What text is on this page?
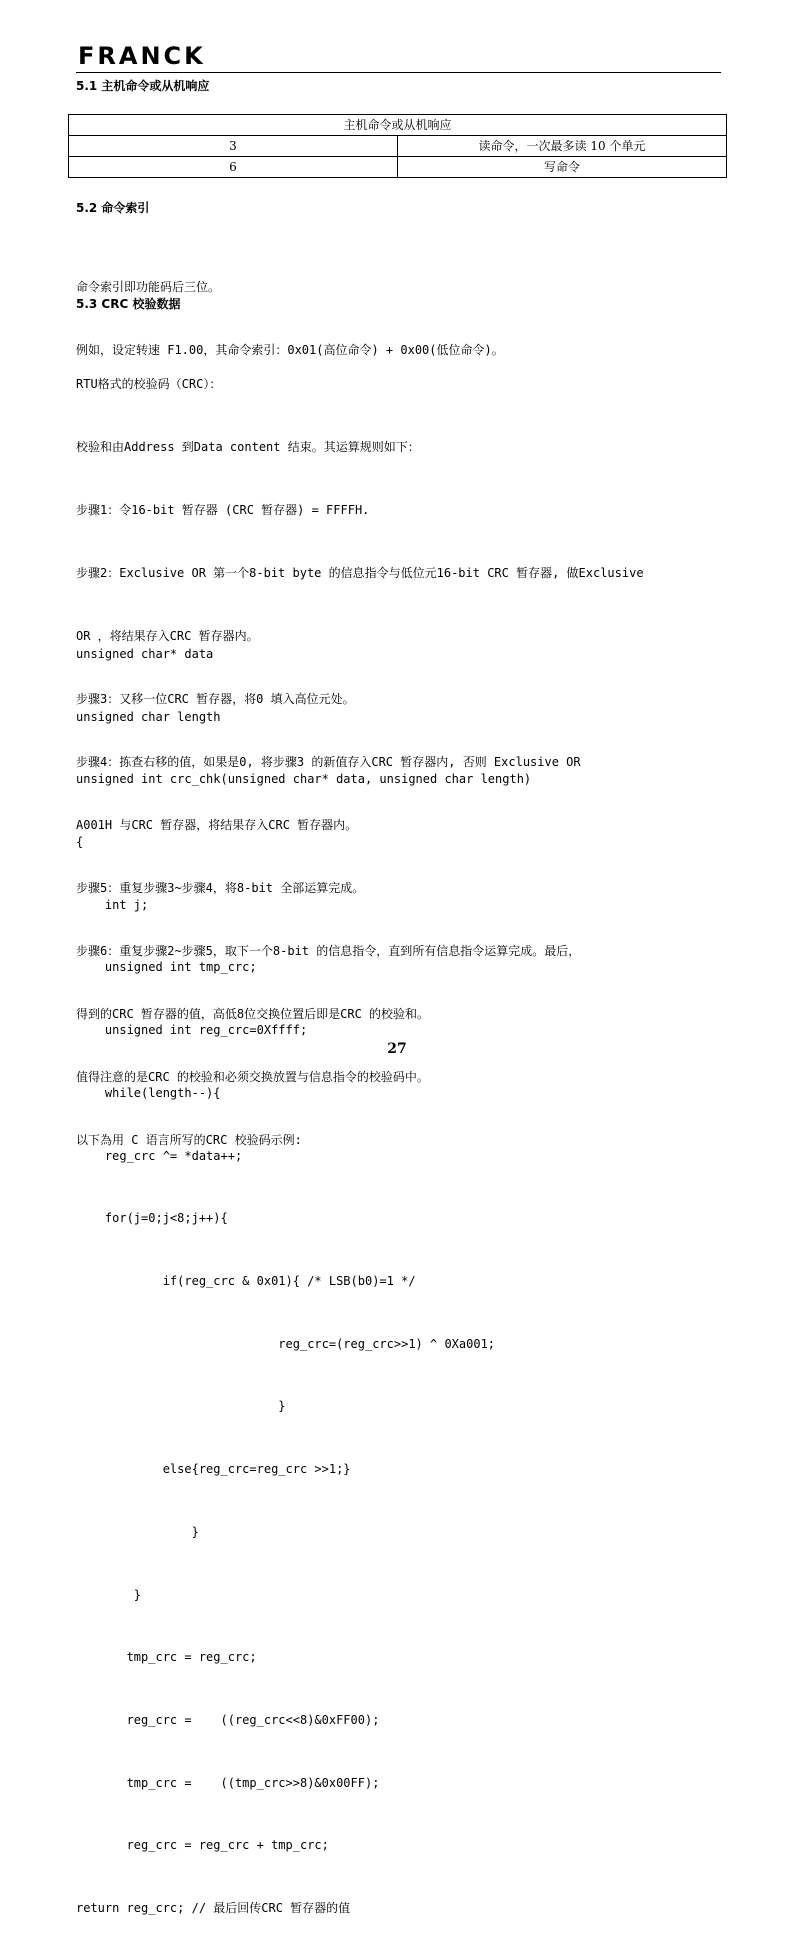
FRANCK
5.1 主机命令或从机响应
主机命令或从机响应	
3	读命令，一次最多读 10 个单元
6	写命令
5.2 命令索引

命令索引即功能码后三位。

例如，设定转速 F1.00，其命令索引：0x01(高位命令) + 0x00(低位命令)。

5.3 CRC 校验数据

RTU格式的校验码（CRC）：

校验和由Address 到Data content 结束。其运算规则如下：

步骤1：令16-bit 暂存器 (CRC 暂存器) = FFFFH.

步骤2：Exclusive OR 第一个8-bit byte 的信息指令与低位元16-bit CRC 暂存器, 做Exclusive

OR ，将结果存入CRC 暂存器内。

步骤3：又移一位CRC 暂存器，将0 填入高位元处。

步骤4：拣查右移的值，如果是0, 将步骤3 的新值存入CRC 暂存器内, 否则 Exclusive OR

A001H 与CRC 暂存器，将结果存入CRC 暂存器内。

步骤5：重复步骤3~步骤4，将8-bit 全部运算完成。

步骤6：重复步骤2~步骤5，取下一个8-bit 的信息指令，直到所有信息指令运算完成。最后，

得到的CRC 暂存器的值，高低8位交换位置后即是CRC 的校验和。

值得注意的是CRC 的校验和必须交换放置与信息指令的校验码中。

以下為用 C 语言所写的CRC 校验码示例:

unsigned char* data

unsigned char length

unsigned int crc_chk(unsigned char* data, unsigned char length)

{

int j;

unsigned int tmp_crc;

unsigned int reg_crc=0Xffff;

while(length--){

reg_crc ^= *data++;

for(j=0;j<8;j++){

if(reg_crc & 0x01){ /* LSB(b0)=1 */

reg_crc=(reg_crc>>1) ^ 0Xa001;

}

else{reg_crc=reg_crc >>1;}

}

}

tmp_crc = reg_crc;

reg_crc =    ((reg_crc<<8)&0xFF00);

tmp_crc =    ((tmp_crc>>8)&0x00FF);

reg_crc = reg_crc + tmp_crc;

return reg_crc; // 最后回传CRC 暂存器的值

27
